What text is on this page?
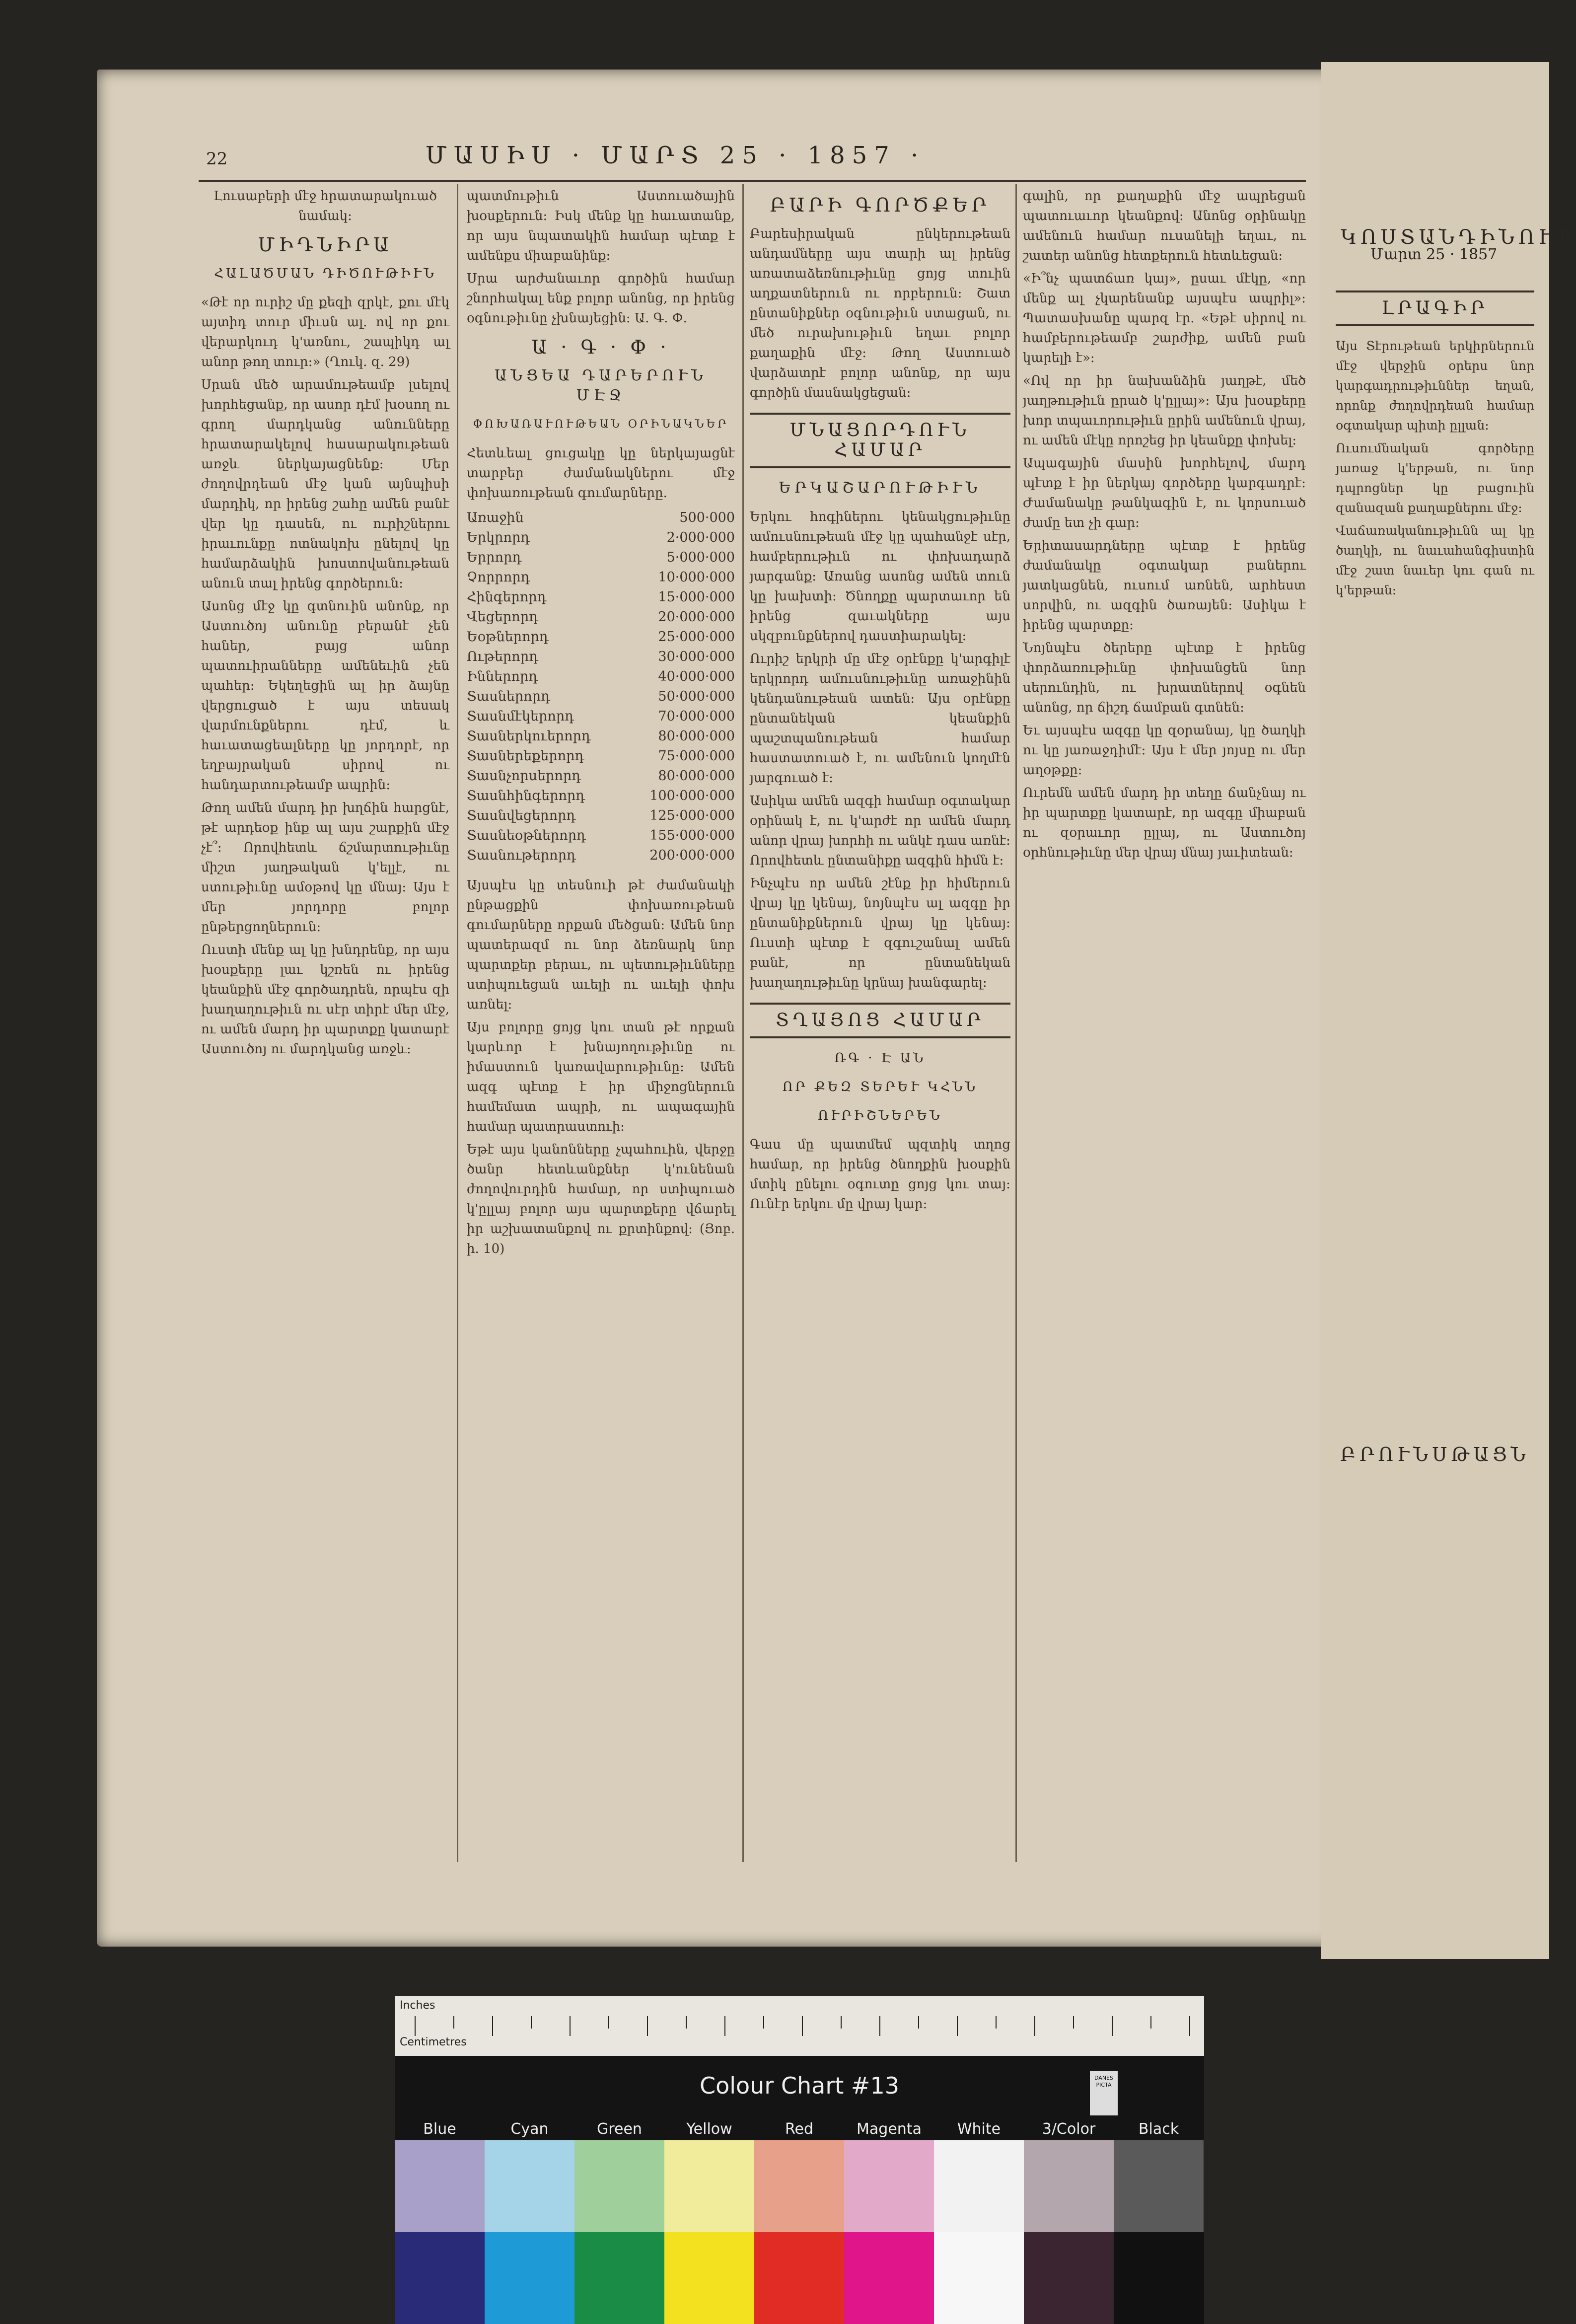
ԿՈՍՏԱՆԴԻՆՈՒՊ
Մարտ 25 · 1857
ԼՐԱԳԻՐ

Այս Տէրութեան երկիրներուն մէջ վերջին օրերս նոր կարգադրութիւններ եղան, որոնք ժողովրդեան համար օգտակար պիտի ըլլան։

Ուսումնական գործերը յառաջ կ'երթան, ու նոր դպրոցներ կը բացուին զանազան քաղաքներու մէջ։

Վաճառականութիւնն ալ կը ծաղկի, ու նաւահանգիստին մէջ շատ նաւեր կու գան ու կ'երթան։

ԲՐՈՒՆՍԹԱՑՆ
22	ՄԱՍԻՍ · ՄԱՐՏ 25 · 1857 ·

Լուսաբերի մէջ հրատարակուած նամակ։

ՄԻԴՆԻՐԱ
ՀԱԼԱԾՄԱՆ ԴԻԾՈՒԹԻՒՆ

«Թէ որ ուրիշ մը քեզի զրկէ, քու մէկ այտիդ տուր միւսն ալ. ով որ քու վերարկուդ կ'առնու, շապիկդ ալ անոր թող տուր։» (Ղուկ. զ. 29)

Սրան մեծ արամութեամբ լսելով խորհեցանք, որ ասոր դէմ խօսող ու գրող մարդկանց անունները հրատարակելով հասարակութեան առջև ներկայացնենք։ Մեր ժողովրդեան մէջ կան այնպիսի մարդիկ, որ իրենց շահը ամեն բանէ վեր կը դասեն, ու ուրիշներու իրաւունքը ոտնակոխ ընելով կը համարձակին խոստովանութեան անուն տալ իրենց գործերուն։

Ասոնց մէջ կը գտնուին անոնք, որ Աստուծոյ անունը բերանէ չեն հաներ, բայց անոր պատուիրանները ամենեւին չեն պահեր։ Եկեղեցին ալ իր ձայնը վերցուցած է այս տեսակ վարմունքներու դէմ, և հաւատացեալները կը յորդորէ, որ եղբայրական սիրով ու հանդարտութեամբ ապրին։

Թող ամեն մարդ իր խղճին հարցնէ, թէ արդեօք ինք ալ այս շարքին մէջ չէ՞։ Որովհետև ճշմարտութիւնը միշտ յաղթական կ'ելլէ, ու ստութիւնը ամօթով կը մնայ։ Այս է մեր յորդորը բոլոր ընթերցողներուն։

Ուստի մենք ալ կը խնդրենք, որ այս խօսքերը լաւ կշռեն ու իրենց կեանքին մէջ գործադրեն, որպէս զի խաղաղութիւն ու սէր տիրէ մեր մէջ, ու ամեն մարդ իր պարտքը կատարէ Աստուծոյ ու մարդկանց առջև։

պատմութիւն Աստուածային խօսքերուն։ Իսկ մենք կը հաւատանք, որ այս նպատակին համար պէտք է ամենքս միաբանինք։

Սրա արժանաւոր գործին համար շնորհակալ ենք բոլոր անոնց, որ իրենց օգնութիւնը չխնայեցին։ Ա. Գ. Փ.

Ա · Գ · Փ ·
ԱՆՑԵԱ ԴԱՐԵՐՈՒՆ ՄԷՋ
ՓՈԽԱՌԱՒՈՒԹԵԱՆ ՕՐԻՆԱԿՆԵՐ

Հետևեալ ցուցակը կը ներկայացնէ տարբեր ժամանակներու մէջ փոխառութեան գումարները.

Առաջին	500·000
Երկրորդ	2·000·000
Երրորդ	5·000·000
Չորրորդ	10·000·000
Հինգերորդ	15·000·000
Վեցերորդ	20·000·000
Եօթներորդ	25·000·000
Ութերորդ	30·000·000
Իններորդ	40·000·000
Տասներորդ	50·000·000
Տասնմէկերորդ	70·000·000
Տասներկուերորդ	80·000·000
Տասներեքերորդ	75·000·000
Տասնչորսերորդ	80·000·000
Տասնհինգերորդ	100·000·000
Տասնվեցերորդ	125·000·000
Տասնեօթներորդ	155·000·000
Տասնութերորդ	200·000·000

Այսպէս կը տեսնուի թէ ժամանակի ընթացքին փոխառութեան գումարները որքան մեծցան։ Ամեն նոր պատերազմ ու նոր ձեռնարկ նոր պարտքեր բերաւ, ու պետութիւնները ստիպուեցան աւելի ու աւելի փոխ առնել։

Այս բոլորը ցոյց կու տան թէ որքան կարևոր է խնայողութիւնը ու իմաստուն կառավարութիւնը։ Ամեն ազգ պէտք է իր միջոցներուն համեմատ ապրի, ու ապագային համար պատրաստուի։

Եթէ այս կանոնները չպահուին, վերջը ծանր հետևանքներ կ'ունենան ժողովուրդին համար, որ ստիպուած կ'ըլլայ բոլոր այս պարտքերը վճարել իր աշխատանքով ու քրտինքով։ (Յոբ. ի. 10)

ԲԱՐԻ ԳՈՐԾՔԵՐ

Բարեսիրական ընկերութեան անդամները այս տարի ալ իրենց առատաձեռնութիւնը ցոյց տուին աղքատներուն ու որբերուն։ Շատ ընտանիքներ օգնութիւն ստացան, ու մեծ ուրախութիւն եղաւ բոլոր քաղաքին մէջ։ Թող Աստուած վարձատրէ բոլոր անոնք, որ այս գործին մասնակցեցան։

ՄՆԱՑՈՐԴՈՒՆ ՀԱՄԱՐ
ԵՐԿԱՇԱՐՈՒԹԻՒՆ

Երկու հոգիներու կենակցութիւնը ամուսնութեան մէջ կը պահանջէ սէր, համբերութիւն ու փոխադարձ յարգանք։ Առանց ասոնց ամեն տուն կը խախտի։ Ծնողքը պարտաւոր են իրենց զաւակները այս սկզբունքներով դաստիարակել։

Ուրիշ երկրի մը մէջ օրէնքը կ'արգիլէ երկրորդ ամուսնութիւնը առաջինին կենդանութեան ատեն։ Այս օրէնքը ընտանեկան կեանքին պաշտպանութեան համար հաստատուած է, ու ամենուն կողմէն յարգուած է։

Ասիկա ամեն ազգի համար օգտակար օրինակ է, ու կ'արժէ որ ամեն մարդ անոր վրայ խորհի ու անկէ դաս առնէ։ Որովհետև ընտանիքը ազգին հիմն է։

Ինչպէս որ ամեն շէնք իր հիմերուն վրայ կը կենայ, նոյնպէս ալ ազգը իր ընտանիքներուն վրայ կը կենայ։ Ուստի պէտք է զգուշանալ ամեն բանէ, որ ընտանեկան խաղաղութիւնը կրնայ խանգարել։

ՏՂԱՅՈՑ ՀԱՄԱՐ
ՌԳ · Է ԱՆ
ՈՐ ՔԵԶ ՏԵՐԵՒ ԿՀՆՆ
ՈՒՐԻՇՆԵՐԵՆ

Գաս մը պատմեմ պզտիկ տղոց համար, որ իրենց ծնողքին խօսքին մտիկ ընելու օգուտը ցոյց կու տայ։ Ունէր երկու մը վրայ կար։

գալին, որ քաղաքին մէջ ապրեցան պատուաւոր կեանքով։ Անոնց օրինակը ամենուն համար ուսանելի եղաւ, ու շատեր անոնց հետքերուն հետևեցան։

«Ի՞նչ պատճառ կայ», ըսաւ մէկը, «որ մենք ալ չկարենանք այսպէս ապրիլ»։ Պատասխանը պարզ էր. «Եթէ սիրով ու համբերութեամբ շարժիք, ամեն բան կարելի է»։

«Ով որ իր նախանձին յաղթէ, մեծ յաղթութիւն ըրած կ'ըլլայ»։ Այս խօսքերը խոր տպաւորութիւն ըրին ամենուն վրայ, ու ամեն մէկը որոշեց իր կեանքը փոխել։

Ապագային մասին խորհելով, մարդ պէտք է իր ներկայ գործերը կարգադրէ։ Ժամանակը թանկագին է, ու կորսուած ժամը ետ չի գար։

Երիտասարդները պէտք է իրենց ժամանակը օգտակար բաներու յատկացնեն, ուսում առնեն, արհեստ սորվին, ու ազգին ծառայեն։ Ասիկա է իրենց պարտքը։

Նոյնպէս ծերերը պէտք է իրենց փորձառութիւնը փոխանցեն նոր սերունդին, ու խրատներով օգնեն անոնց, որ ճիշդ ճամբան գտնեն։

Եւ այսպէս ազգը կը զօրանայ, կը ծաղկի ու կը յառաջդիմէ։ Այս է մեր յոյսը ու մեր աղօթքը։

Ուրեմն ամեն մարդ իր տեղը ճանչնայ ու իր պարտքը կատարէ, որ ազգը միաբան ու զօրաւոր ըլլայ, ու Աստուծոյ օրհնութիւնը մեր վրայ մնայ յաւիտեան։

Inches
Centimetres
Colour Chart #13	DANES PICTA
Blue	Cyan	Green	Yellow	Red	Magenta	White	3/Color	Black
